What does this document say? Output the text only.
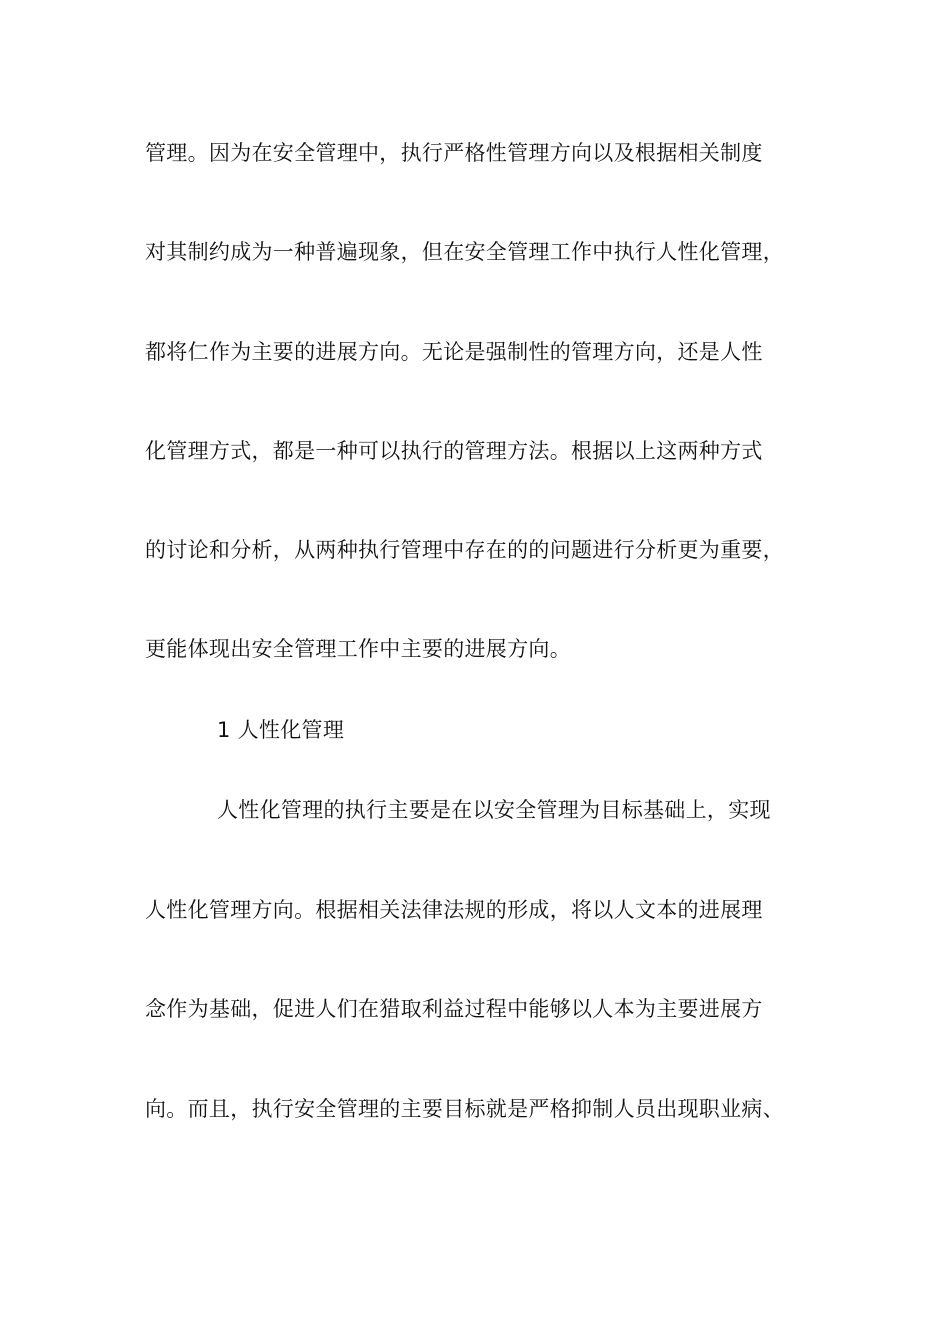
管理。因为在安全管理中，执行严格性管理方向以及根据相关制度
对其制约成为一种普遍现象，但在安全管理工作中执行人性化管理，
都将仁作为主要的进展方向。无论是强制性的管理方向，还是人性
化管理方式，都是一种可以执行的管理方法。根据以上这两种方式
的讨论和分析，从两种执行管理中存在的的问题进行分析更为重要，
更能体现出安全管理工作中主要的进展方向。
1 人性化管理
人性化管理的执行主要是在以安全管理为目标基础上，实现
人性化管理方向。根据相关法律法规的形成，将以人文本的进展理
念作为基础，促进人们在猎取利益过程中能够以人本为主要进展方
向。而且，执行安全管理的主要目标就是严格抑制人员出现职业病、
